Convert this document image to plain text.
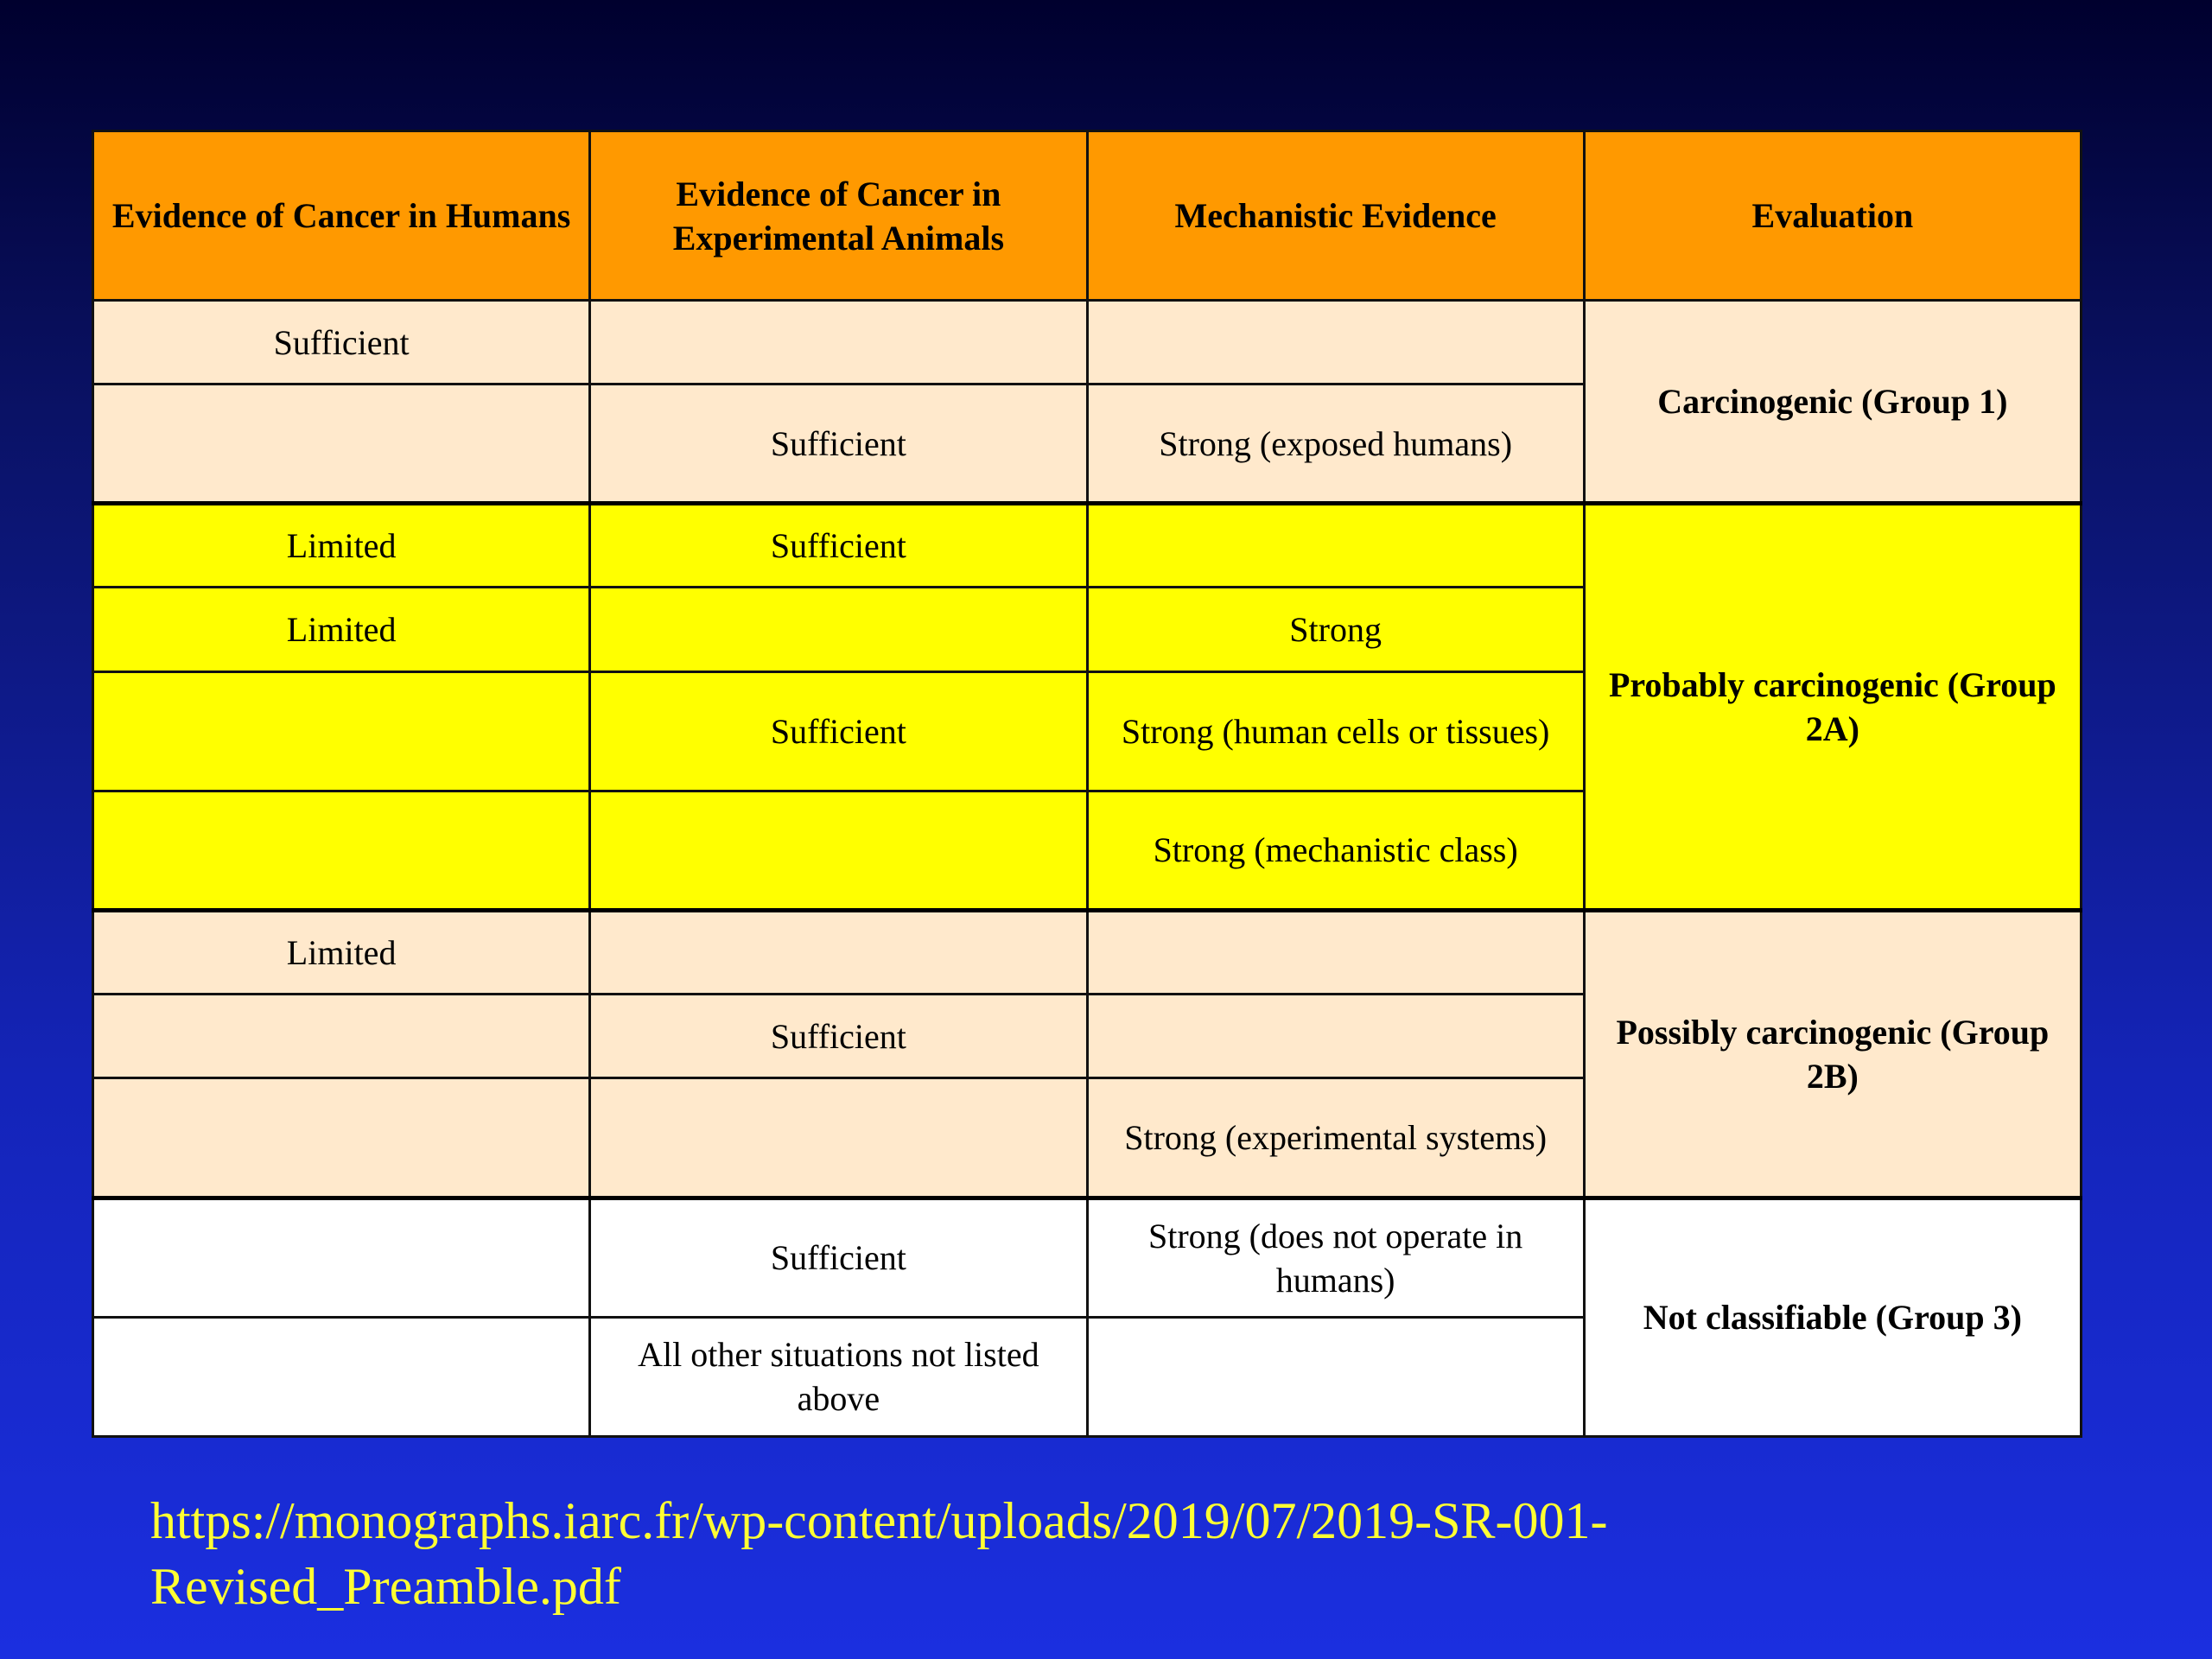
Evidence of Cancer in Humans	Evidence of Cancer in Experimental Animals	Mechanistic Evidence	Evaluation
Sufficient			Carcinogenic (Group 1)
	Sufficient	Strong (exposed humans)	
Limited	Sufficient		Probably carcinogenic (Group 2A)
Limited		Strong	
	Sufficient	Strong (human cells or tissues)	
		Strong (mechanistic class)	
Limited			Possibly carcinogenic (Group 2B)
	Sufficient		
		Strong (experimental systems)	
	Sufficient	Strong (does not operate in humans)	Not classifiable (Group 3)
	All other situations not listed above		

https://monographs.iarc.fr/wp-content/uploads/2019/07/2019-SR-001-Revised_Preamble.pdf
